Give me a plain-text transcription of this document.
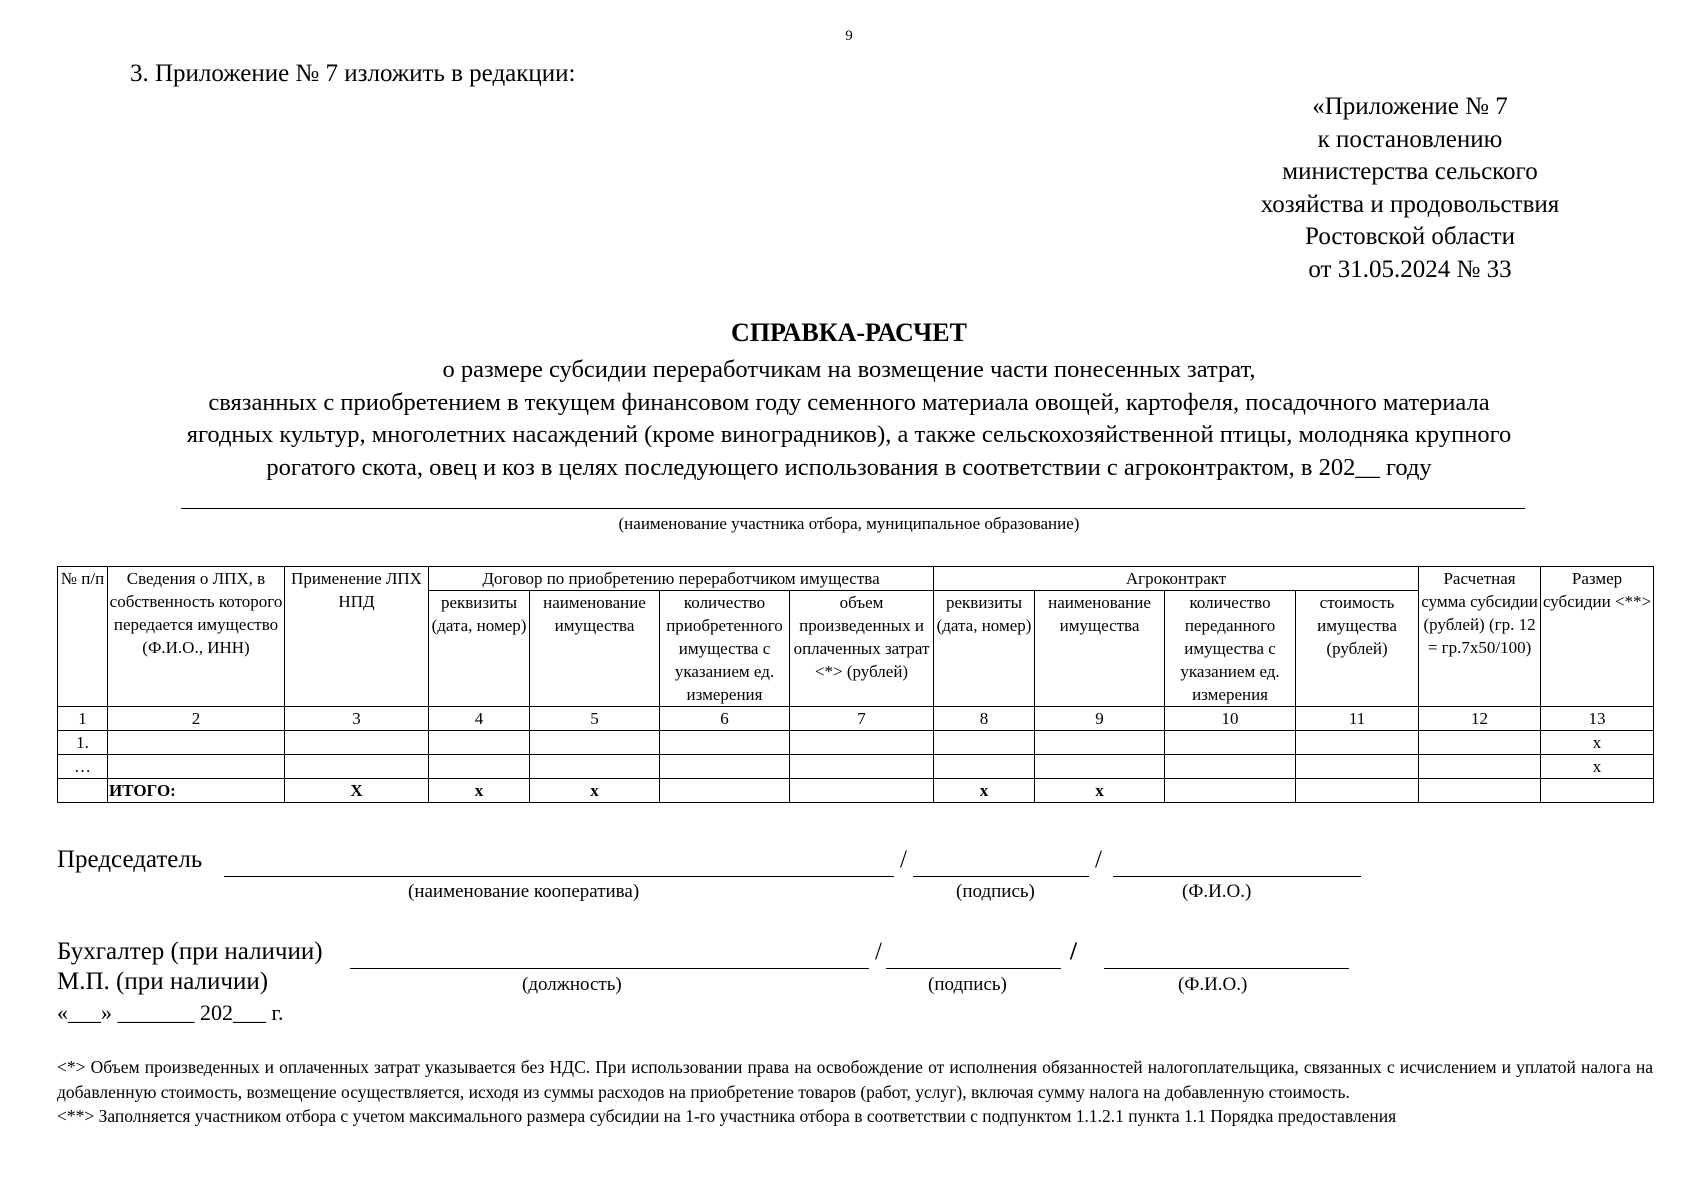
9
3. Приложение № 7 изложить в редакции:
«Приложение № 7
к постановлению
министерства сельского
хозяйства и продовольствия
Ростовской области
от 31.05.2024 № 33
СПРАВКА-РАСЧЕТ
о размере субсидии переработчикам на возмещение части понесенных затрат,
связанных с приобретением в текущем финансовом году семенного материала овощей, картофеля, посадочного материала
ягодных культур, многолетних насаждений (кроме виноградников), а также сельскохозяйственной птицы, молодняка крупного
рогатого скота, овец и коз в целях последующего использования в соответствии с агроконтрактом, в 202__ году
(наименование участника отбора, муниципальное образование)
№ п/п	Сведения о ЛПХ, в собственность которого передается имущество (Ф.И.О., ИНН)	Применение ЛПХ НПД	Договор по приобретению переработчиком имущества				Агроконтракт				Расчетная сумма субсидии (рублей) (гр. 12 = гр.7х50/100)	Размер субсидии <**>
			реквизиты (дата, номер)	наименование имущества	количество приобретенного имущества с указанием ед. измерения	объем произведенных и оплаченных затрат <*> (рублей)	реквизиты (дата, номер)	наименование имущества	количество переданного имущества с указанием ед. измерения	стоимость имущества (рублей)		
1	2	3	4	5	6	7	8	9	10	11	12	13
1.												х
…												х
	ИТОГО:	Х	х	х			х	х				
Председатель	/	/
(наименование кооператива)	(подпись)	(Ф.И.О.)
Бухгалтер (при наличии)	/	/
М.П. (при наличии)	(должность)	(подпись)	(Ф.И.О.)
«___» _______ 202___ г.

<*> Объем произведенных и оплаченных затрат указывается без НДС. При использовании права на освобождение от исполнения обязанностей налогоплательщика, связанных с исчислением и уплатой налога на добавленную стоимость, возмещение осуществляется, исходя из суммы расходов на приобретение товаров (работ, услуг), включая сумму налога на добавленную стоимость.

<**> Заполняется участником отбора с учетом максимального размера субсидии на 1-го участника отбора в соответствии с подпунктом 1.1.2.1 пункта 1.1 Порядка предоставления
